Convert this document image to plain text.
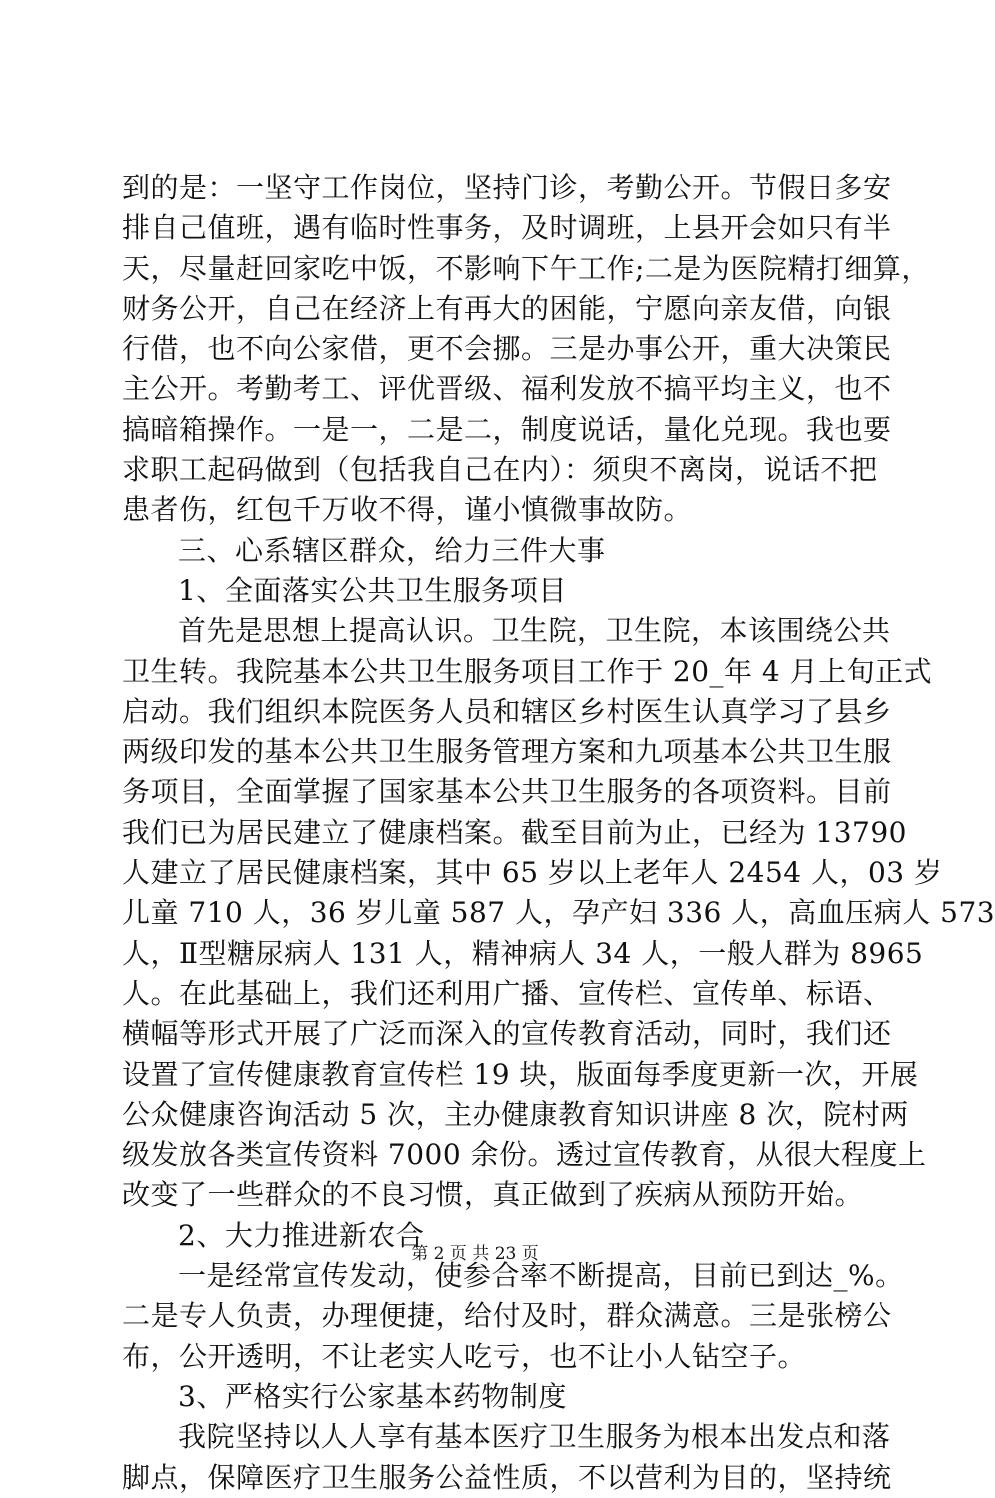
到的是：一坚守工作岗位，坚持门诊，考勤公开。节假日多安
排自己值班，遇有临时性事务，及时调班，上县开会如只有半
天，尽量赶回家吃中饭，不影响下午工作;二是为医院精打细算，
财务公开，自己在经济上有再大的困能，宁愿向亲友借，向银
行借，也不向公家借，更不会挪。三是办事公开，重大决策民
主公开。考勤考工、评优晋级、福利发放不搞平均主义，也不
搞暗箱操作。一是一，二是二，制度说话，量化兑现。我也要
求职工起码做到（包括我自己在内）：须臾不离岗，说话不把
患者伤，红包千万收不得，谨小慎微事故防。
三、心系辖区群众，给力三件大事
1、全面落实公共卫生服务项目
首先是思想上提高认识。卫生院，卫生院，本该围绕公共
卫生转。我院基本公共卫生服务项目工作于 20_年 4 月上旬正式
启动。我们组织本院医务人员和辖区乡村医生认真学习了县乡
两级印发的基本公共卫生服务管理方案和九项基本公共卫生服
务项目，全面掌握了国家基本公共卫生服务的各项资料。目前
我们已为居民建立了健康档案。截至目前为止，已经为 13790
人建立了居民健康档案，其中 65 岁以上老年人 2454 人，03 岁
儿童 710 人，36 岁儿童 587 人，孕产妇 336 人，高血压病人 573
人，Ⅱ型糖尿病人 131 人，精神病人 34 人，一般人群为 8965
人。在此基础上，我们还利用广播、宣传栏、宣传单、标语、
横幅等形式开展了广泛而深入的宣传教育活动，同时，我们还
设置了宣传健康教育宣传栏 19 块，版面每季度更新一次，开展
公众健康咨询活动 5 次，主办健康教育知识讲座 8 次，院村两
级发放各类宣传资料 7000 余份。透过宣传教育，从很大程度上
改变了一些群众的不良习惯，真正做到了疾病从预防开始。
2、大力推进新农合
一是经常宣传发动，使参合率不断提高，目前已到达_%。
二是专人负责，办理便捷，给付及时，群众满意。三是张榜公
布，公开透明，不让老实人吃亏，也不让小人钻空子。
3、严格实行公家基本药物制度
我院坚持以人人享有基本医疗卫生服务为根本出发点和落
脚点，保障医疗卫生服务公益性质，不以营利为目的，坚持统
第 2 页 共 23 页
